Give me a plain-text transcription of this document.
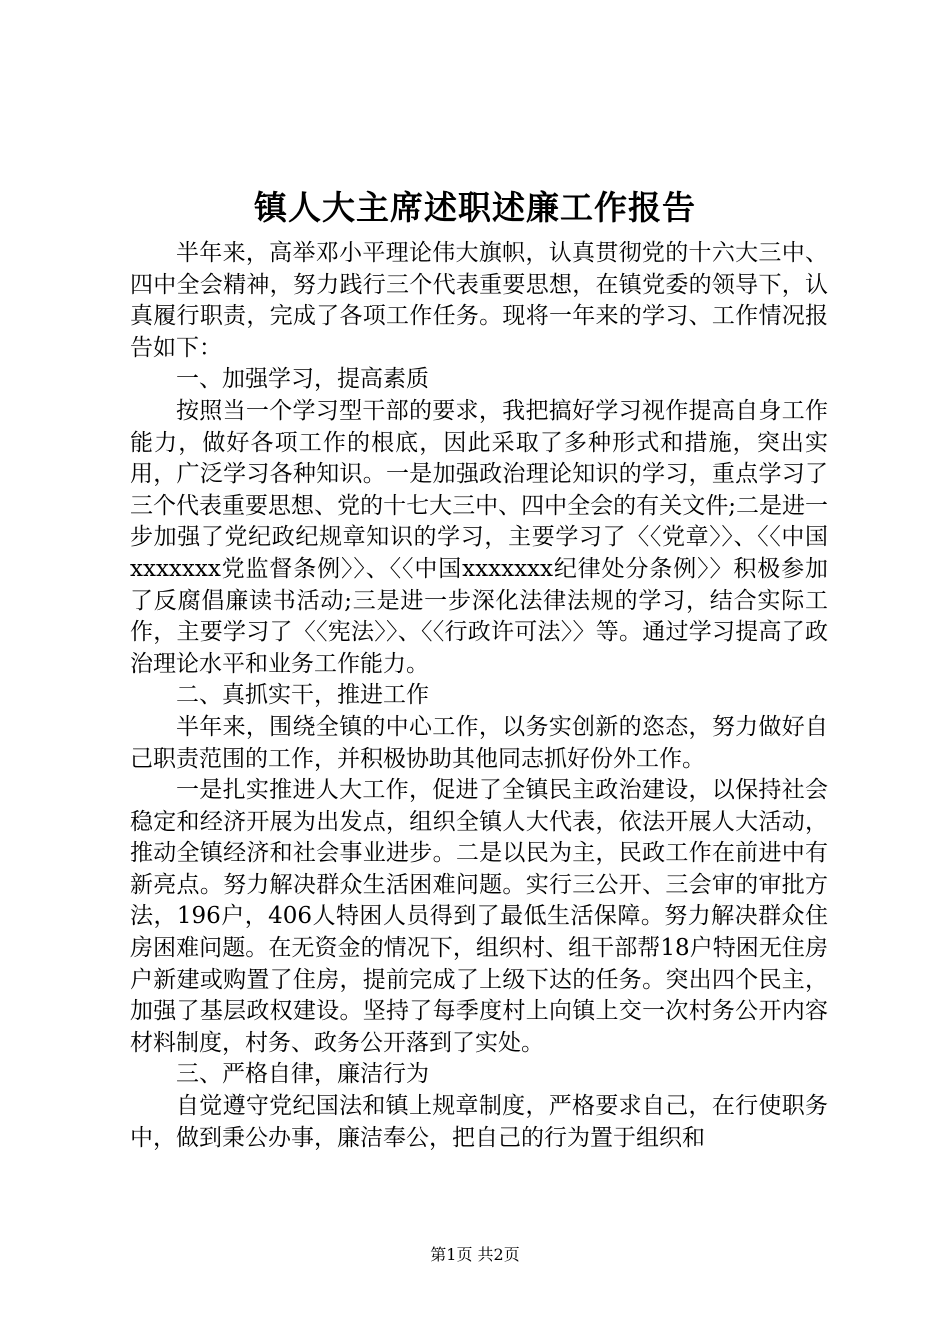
镇人大主席述职述廉工作报告

半年来，高举邓小平理论伟大旗帜，认真贯彻党的十六大三中、四中全会精神，努力践行三个代表重要思想，在镇党委的领导下，认真履行职责，完成了各项工作任务。现将一年来的学习、工作情况报告如下：

一、加强学习，提高素质

按照当一个学习型干部的要求，我把搞好学习视作提高自身工作能力，做好各项工作的根底，因此采取了多种形式和措施，突出实用，广泛学习各种知识。一是加强政治理论知识的学习，重点学习了三个代表重要思想、党的十七大三中、四中全会的有关文件;二是进一步加强了党纪政纪规章知识的学习，主要学习了〈〈党章〉〉、〈〈中国xxxxxxx党监督条例〉〉、〈〈中国xxxxxxx纪律处分条例〉〉积极参加了反腐倡廉读书活动;三是进一步深化法律法规的学习，结合实际工作，主要学习了〈〈宪法〉〉、〈〈行政许可法〉〉等。通过学习提高了政治理论水平和业务工作能力。

二、真抓实干，推进工作

半年来，围绕全镇的中心工作，以务实创新的恣态，努力做好自己职责范围的工作，并积极协助其他同志抓好份外工作。

一是扎实推进人大工作，促进了全镇民主政治建设，以保持社会稳定和经济开展为出发点，组织全镇人大代表，依法开展人大活动，推动全镇经济和社会事业进步。二是以民为主，民政工作在前进中有新亮点。努力解决群众生活困难问题。实行三公开、三会审的审批方法，196户，406人特困人员得到了最低生活保障。努力解决群众住房困难问题。在无资金的情况下，组织村、组干部帮18户特困无住房户新建或购置了住房，提前完成了上级下达的任务。突出四个民主，加强了基层政权建设。坚持了每季度村上向镇上交一次村务公开内容材料制度，村务、政务公开落到了实处。

三、严格自律，廉洁行为

自觉遵守党纪国法和镇上规章制度，严格要求自己，在行使职务中，做到秉公办事，廉洁奉公，把自己的行为置于组织和

第1页 共2页
